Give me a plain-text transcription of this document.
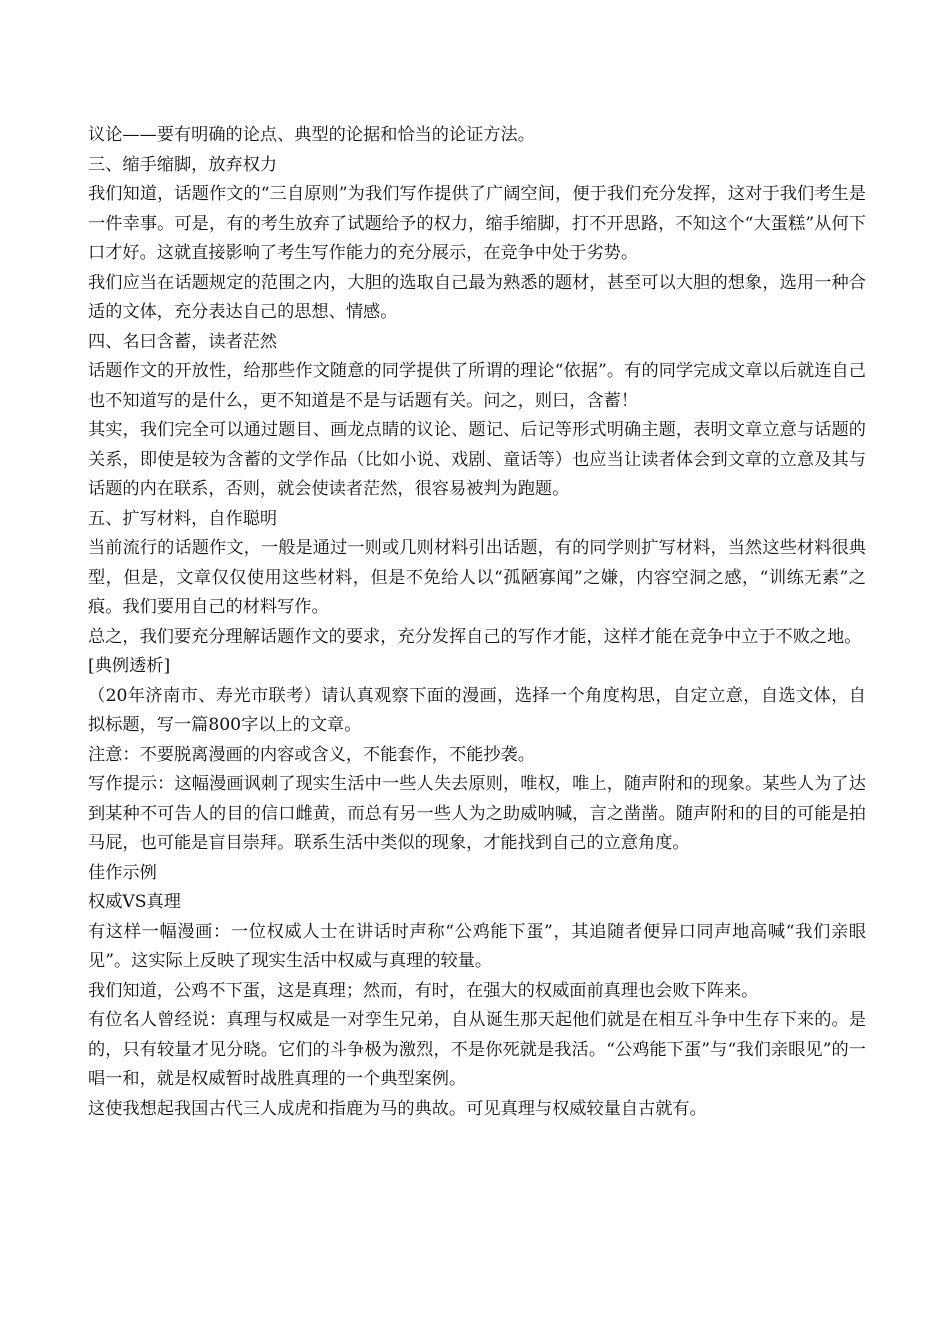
议论——要有明确的论点、典型的论据和恰当的论证方法。

三、缩手缩脚，放弃权力

我们知道，话题作文的“三自原则”为我们写作提供了广阔空间，便于我们充分发挥，这对于我们考生是一件幸事。可是，有的考生放弃了试题给予的权力，缩手缩脚，打不开思路，不知这个“大蛋糕”从何下口才好。这就直接影响了考生写作能力的充分展示，在竞争中处于劣势。

我们应当在话题规定的范围之内，大胆的选取自己最为熟悉的题材，甚至可以大胆的想象，选用一种合适的文体，充分表达自己的思想、情感。

四、名曰含蓄，读者茫然

话题作文的开放性，给那些作文随意的同学提供了所谓的理论“依据”。有的同学完成文章以后就连自己也不知道写的是什么，更不知道是不是与话题有关。问之，则曰，含蓄！

其实，我们完全可以通过题目、画龙点睛的议论、题记、后记等形式明确主题，表明文章立意与话题的关系，即使是较为含蓄的文学作品（比如小说、戏剧、童话等）也应当让读者体会到文章的立意及其与话题的内在联系，否则，就会使读者茫然，很容易被判为跑题。

五、扩写材料，自作聪明

当前流行的话题作文，一般是通过一则或几则材料引出话题，有的同学则扩写材料，当然这些材料很典型，但是，文章仅仅使用这些材料，但是不免给人以“孤陋寡闻”之嫌，内容空洞之感，“训练无素”之痕。我们要用自己的材料写作。

总之，我们要充分理解话题作文的要求，充分发挥自己的写作才能，这样才能在竞争中立于不败之地。

[典例透析]

（20年济南市、寿光市联考）请认真观察下面的漫画，选择一个角度构思，自定立意，自选文体，自拟标题，写一篇800字以上的文章。

注意：不要脱离漫画的内容或含义，不能套作，不能抄袭。

写作提示：这幅漫画讽刺了现实生活中一些人失去原则，唯权，唯上，随声附和的现象。某些人为了达到某种不可告人的目的信口雌黄，而总有另一些人为之助威呐喊，言之凿凿。随声附和的目的可能是拍马屁，也可能是盲目崇拜。联系生活中类似的现象，才能找到自己的立意角度。

佳作示例

权威VS真理

有这样一幅漫画：一位权威人士在讲话时声称“公鸡能下蛋”，其追随者便异口同声地高喊“我们亲眼见”。这实际上反映了现实生活中权威与真理的较量。

我们知道，公鸡不下蛋，这是真理；然而，有时，在强大的权威面前真理也会败下阵来。

有位名人曾经说：真理与权威是一对孪生兄弟，自从诞生那天起他们就是在相互斗争中生存下来的。是的，只有较量才见分晓。它们的斗争极为激烈，不是你死就是我活。“公鸡能下蛋”与“我们亲眼见”的一唱一和，就是权威暂时战胜真理的一个典型案例。

这使我想起我国古代三人成虎和指鹿为马的典故。可见真理与权威较量自古就有。
